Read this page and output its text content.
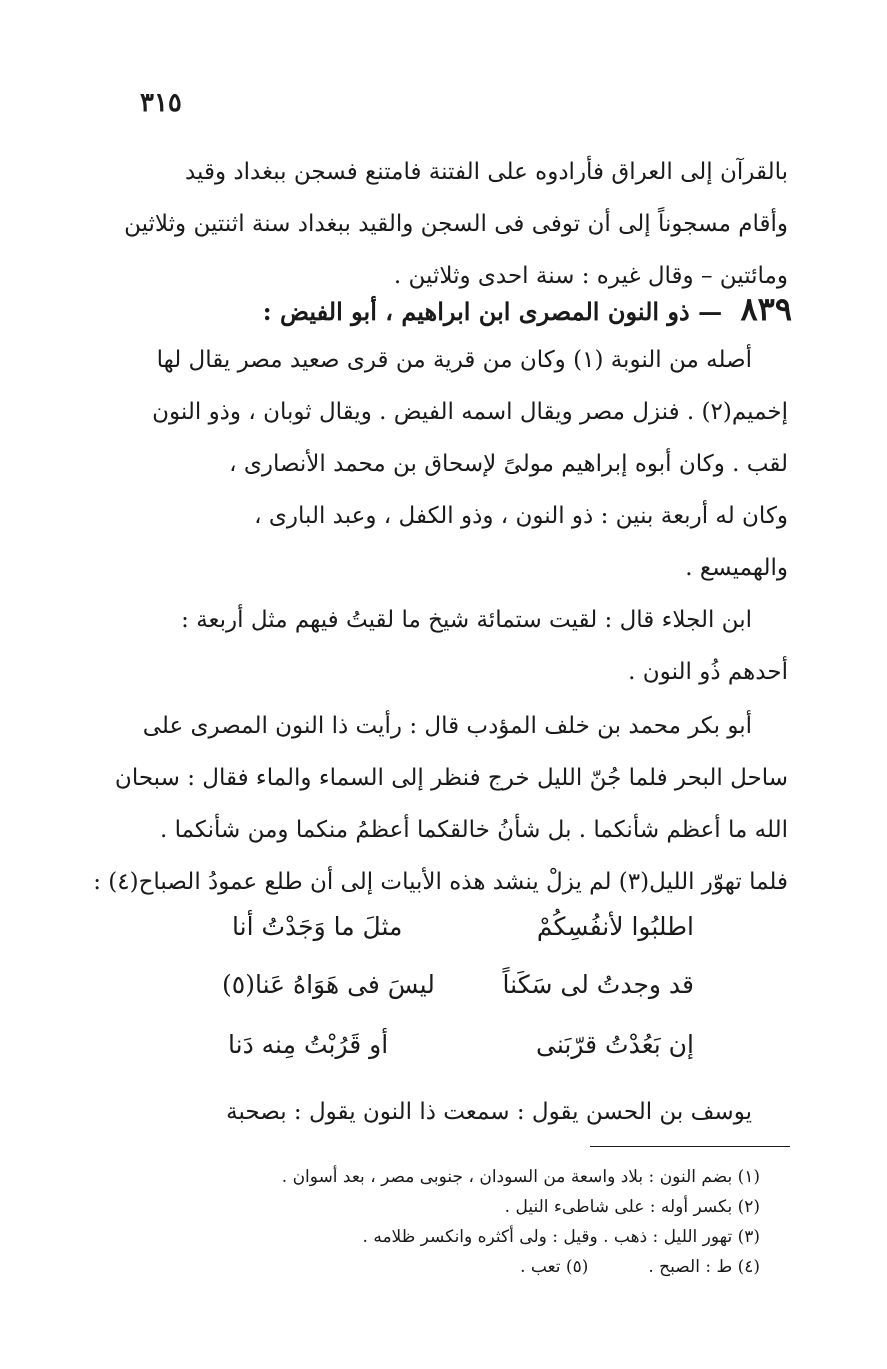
٣١٥
بالقرآن إلى العراق فأرادوه على الفتنة فامتنع فسجن ببغداد وقيد
وأقام مسجوناً إلى أن توفى فى السجن والقيد ببغداد سنة اثنتين وثلاثين
ومائتين – وقال غيره : سنة احدى وثلاثين .
٨٣٩ — ذو النون المصرى ابن ابراهيم ، أبو الفيض :
أصله من النوبة (١) وكان من قرية من قرى صعيد مصر يقال لها
إخميم(٢) . فنزل مصر ويقال اسمه الفيض . ويقال ثوبان ، وذو النون
لقب . وكان أبوه إبراهيم مولىً لإسحاق بن محمد الأنصارى ،
وكان له أربعة بنين : ذو النون ، وذو الكفل ، وعبد البارى ،
والهميسع .
ابن الجلاء قال : لقيت ستمائة شيخ ما لقيتُ فيهم مثل أربعة :
أحدهم ذُو النون .
أبو بكر محمد بن خلف المؤدب قال : رأيت ذا النون المصرى على
ساحل البحر فلما جُنّ الليل خرج فنظر إلى السماء والماء فقال : سبحان
الله ما أعظم شأنكما . بل شأنُ خالقكما أعظمُ منكما ومن شأنكما .
فلما تهوّر الليل(٣) لم يزلْ ينشد هذه الأبيات إلى أن طلع عمودُ الصباح(٤) :
اطلبُوا لأنفُسِكُمْ
مثلَ ما وَجَدْتُ أنا
قد وجدتُ لى سَكَناً
ليسَ فى هَوَاهُ عَنا(٥)
إن بَعُدْتُ قرّبَنى
أو قَرُبْتُ مِنه دَنا
يوسف بن الحسن يقول : سمعت ذا النون يقول : بصحبة
(١) بضم النون : بلاد واسعة من السودان ، جنوبى مصر ، بعد أسوان .
(٢) بكسر أوله : على شاطىء النيل .
(٣) تهور الليل : ذهب . وقيل : ولى أكثره وانكسر ظلامه .
(٤) ط : الصبح .(٥) تعب .
